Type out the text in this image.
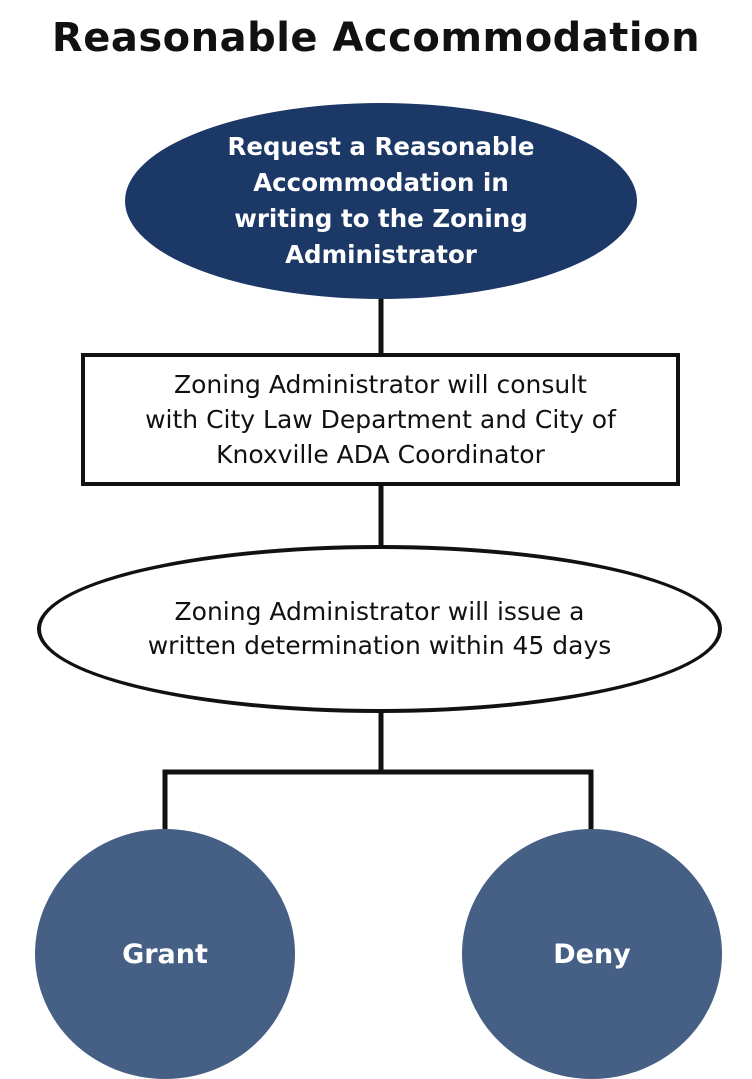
Reasonable Accommodation
Request a Reasonable
Accommodation in
writing to the Zoning
Administrator
Zoning Administrator will consult
with City Law Department and City of
Knoxville ADA Coordinator
Zoning Administrator will issue a
written determination within 45 days
Grant	Deny
